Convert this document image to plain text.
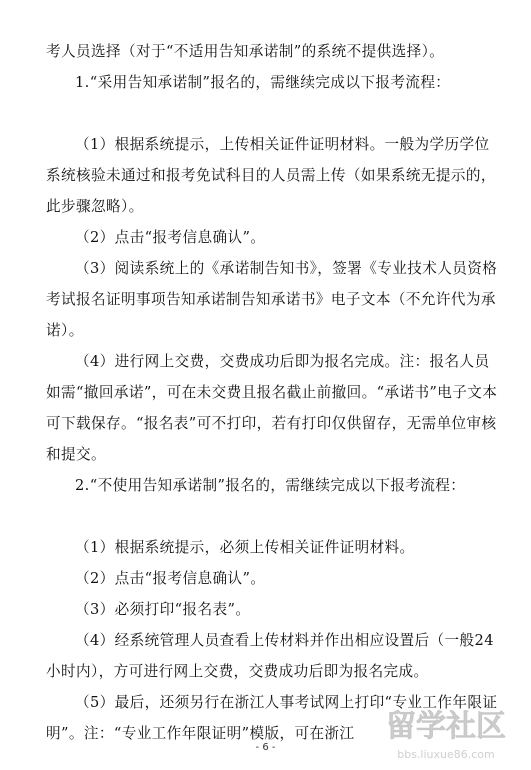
考人员选择（对于“不适用告知承诺制”的系统不提供选择）。

1.“采用告知承诺制”报名的，需继续完成以下报考流程：

（1）根据系统提示，上传相关证件证明材料。一般为学历学位系统核验未通过和报考免试科目的人员需上传（如果系统无提示的，此步骤忽略）。

（2）点击“报考信息确认”。

（3）阅读系统上的《承诺制告知书》，签署《专业技术人员资格考试报名证明事项告知承诺制告知承诺书》电子文本（不允许代为承诺）。

（4）进行网上交费，交费成功后即为报名完成。注：报名人员如需“撤回承诺”，可在未交费且报名截止前撤回。“承诺书”电子文本可下载保存。“报名表”可不打印，若有打印仅供留存，无需单位审核和提交。

2.“不使用告知承诺制”报名的，需继续完成以下报考流程：

（1）根据系统提示，必须上传相关证件证明材料。

（2）点击“报考信息确认”。

（3）必须打印“报名表”。

（4）经系统管理人员查看上传材料并作出相应设置后（一般24小时内），方可进行网上交费，交费成功后即为报名完成。

（5）最后，还须另行在浙江人事考试网上打印“专业工作年限证明”。注：“专业工作年限证明”模版，可在浙江

- 6 -
留学社区
bbs.liuxue86.com
